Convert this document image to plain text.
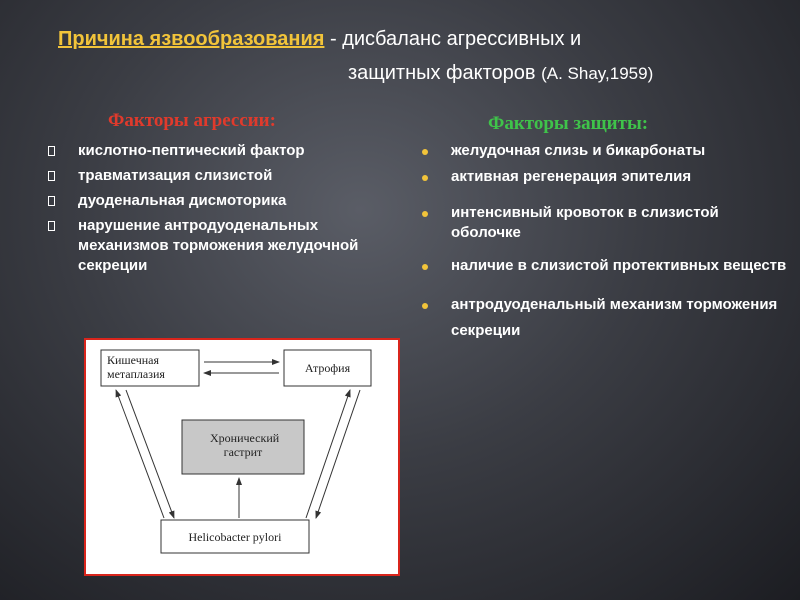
Причина язвообразования - дисбаланс агрессивных и
защитных факторов (A. Shay,1959)
Факторы агрессии:	Факторы защиты:
кислотно-пептический фактор
травматизация слизистой
дуоденальная дисмоторика
нарушение антродуоденальных механизмов торможения желудочной секреции
желудочная слизь и бикарбонаты
активная регенерация эпителия
интенсивный кровоток в слизистой оболочке
наличие в слизистой протективных веществ
антродуоденальный механизм торможения секреции
Кишечная метаплазия	Атрофия
Хронический гастрит
Helicobacter pylori
